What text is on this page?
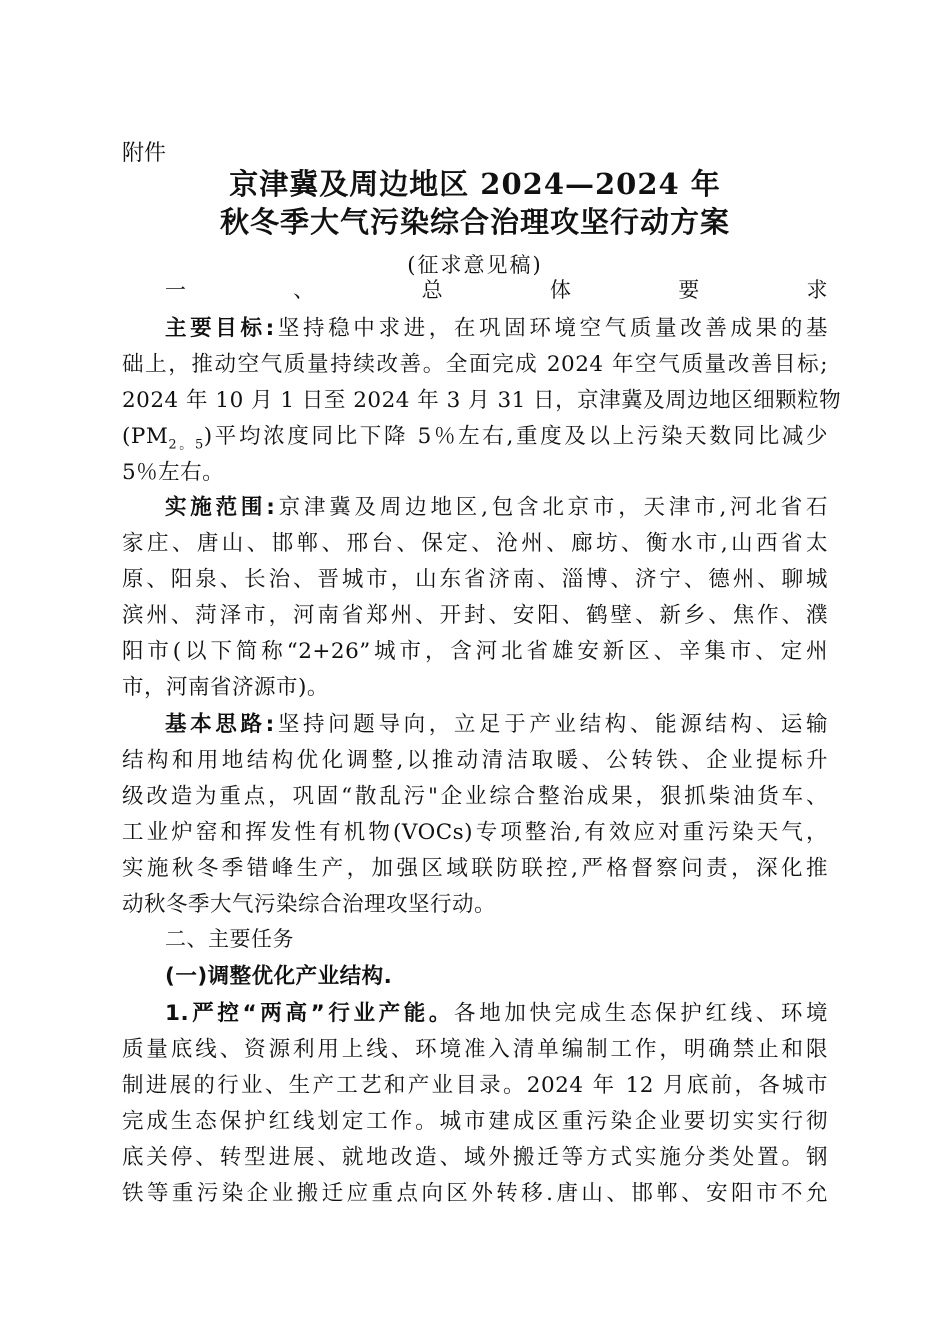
附件
京津冀及周边地区 2024—2024 年
秋冬季大气污染综合治理攻坚行动方案
(征求意见稿)
一、总体要求
主要目标:坚持稳中求进，在巩固环境空气质量改善成果的基
础上，推动空气质量持续改善。全面完成 2024 年空气质量改善目标;
2024 年 10 月 1 日至 2024 年 3 月 31 日，京津冀及周边地区细颗粒物
$(PM_{2。5})$平均浓度同比下降 5％左右,重度及以上污染天数同比减少
5％左右。
实施范围:京津冀及周边地区,包含北京市，天津市,河北省石
家庄、唐山、邯郸、邢台、保定、沧州、廊坊、衡水市,山西省太
原、阳泉、长治、晋城市，山东省济南、淄博、济宁、德州、聊城
滨州、菏泽市，河南省郑州、开封、安阳、鹤壁、新乡、焦作、濮
阳市(以下简称“2+26”城市，含河北省雄安新区、辛集市、定州
市，河南省济源市)。
基本思路:坚持问题导向，立足于产业结构、能源结构、运输
结构和用地结构优化调整,以推动清洁取暖、公转铁、企业提标升
级改造为重点，巩固“散乱污"企业综合整治成果，狠抓柴油货车、
工业炉窑和挥发性有机物(VOCs)专项整治,有效应对重污染天气，
实施秋冬季错峰生产，加强区域联防联控,严格督察问责，深化推
动秋冬季大气污染综合治理攻坚行动。
二、主要任务
(一)调整优化产业结构.
1.严控“两高”行业产能。各地加快完成生态保护红线、环境
质量底线、资源利用上线、环境准入清单编制工作，明确禁止和限
制进展的行业、生产工艺和产业目录。2024 年 12 月底前，各城市
完成生态保护红线划定工作。城市建成区重污染企业要切实实行彻
底关停、转型进展、就地改造、域外搬迁等方式实施分类处置。钢
铁等重污染企业搬迁应重点向区外转移.唐山、邯郸、安阳市不允
